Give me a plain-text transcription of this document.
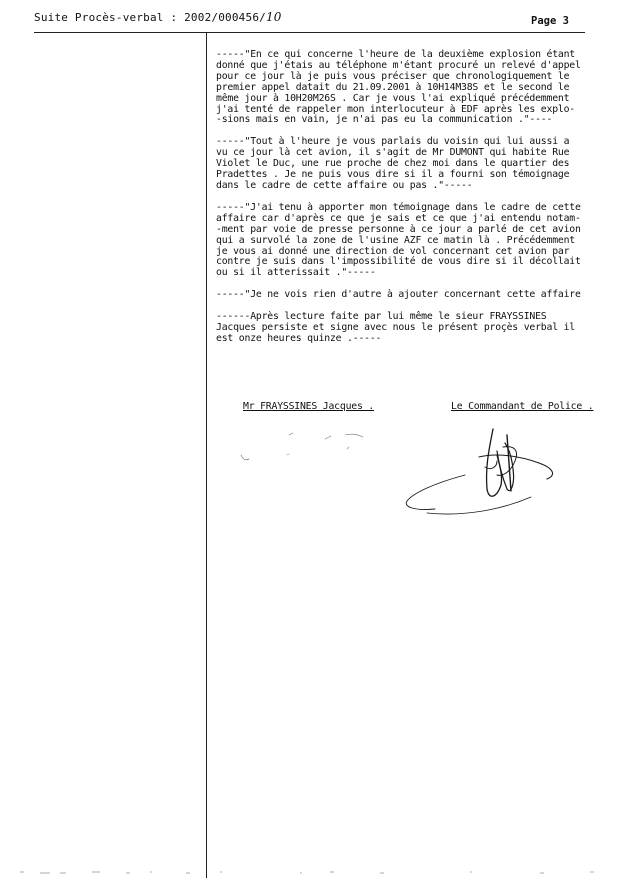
Suite Procès-verbal : 2002/000456/10	Page 3
-----"En ce qui concerne l'heure de la deuxième explosion étant
donné que j'étais au téléphone m'étant procuré un relevé d'appel
pour ce jour là je puis vous préciser que chronologiquement le
premier appel datait du 21.09.2001 à 10H14M38S et le second le
même jour à 10H20M26S . Car je vous l'ai expliqué précédemment
j'ai tenté de rappeler mon interlocuteur à EDF après les explo-
-sions mais en vain, je n'ai pas eu la communication ."----
-----"Tout à l'heure je vous parlais du voisin qui lui aussi a
vu ce jour là cet avion, il s'agit de Mr DUMONT qui habite Rue
Violet le Duc, une rue proche de chez moi dans le quartier des
Pradettes . Je ne puis vous dire si il a fourni son témoignage
dans le cadre de cette affaire ou pas ."-----
-----"J'ai tenu à apporter mon témoignage dans le cadre de cette
affaire car d'après ce que je sais et ce que j'ai entendu notam-
-ment par voie de presse personne à ce jour a parlé de cet avion
qui a survolé la zone de l'usine AZF ce matin là . Précédemment
je vous ai donné une direction de vol concernant cet avion par
contre je suis dans l'impossibilité de vous dire si il décollait
ou si il atterissait ."-----
-----"Je ne vois rien d'autre à ajouter concernant cette affaire
------Après lecture faite par lui même le sieur FRAYSSINES
Jacques persiste et signe avec nous le présent proçès verbal il
est onze heures quinze .-----
Mr FRAYSSINES Jacques .	Le Commandant de Police .
